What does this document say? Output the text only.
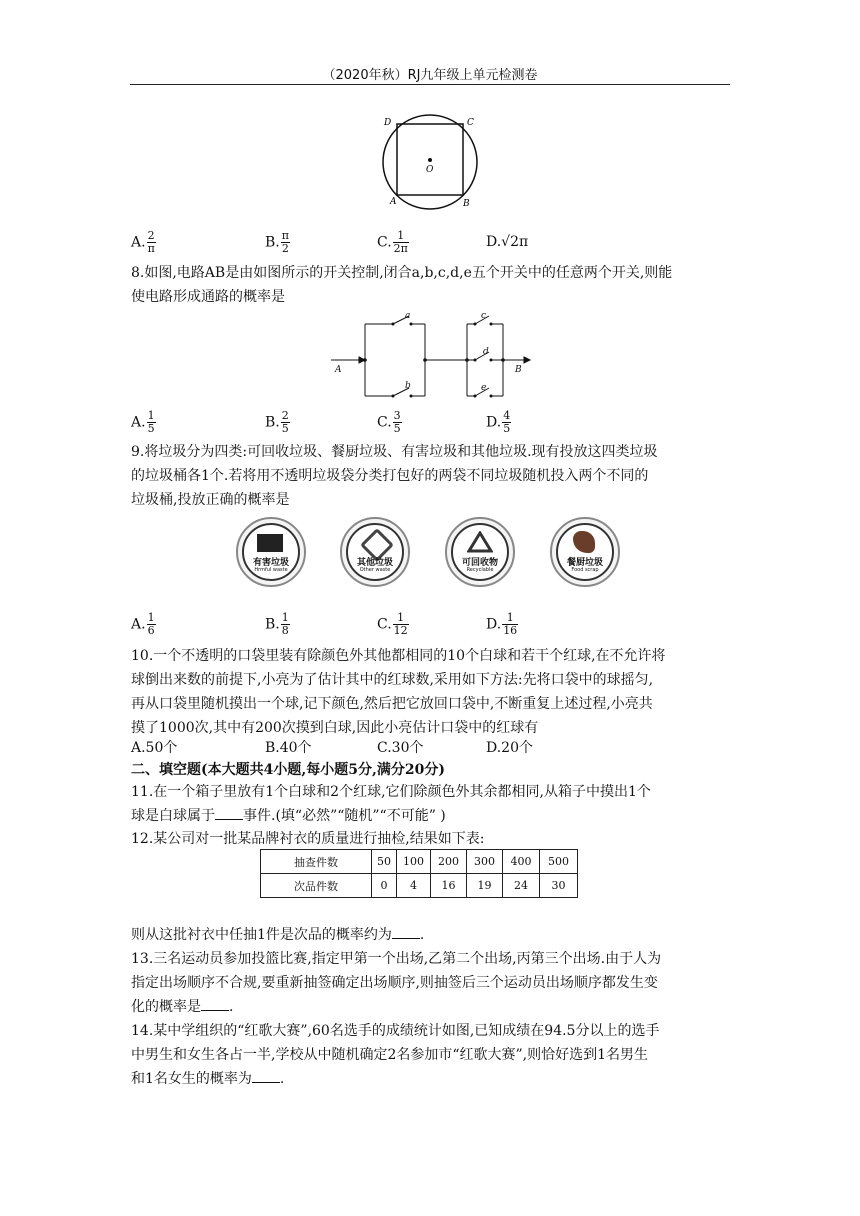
（2020年秋）RJ九年级上单元检测卷
D	C
A	B
O
A. $\frac{2}{\pi}$	B. $\frac{\pi}{2}$	C. $\frac{1}{2\pi}$	D.√2π
8.如图,电路AB是由如图所示的开关控制,闭合a,b,c,d,e五个开关中的任意两个开关,则能
使电路形成通路的概率是
A	B
a
b
c
d
e
A. $\frac{1}{5}$	B. $\frac{2}{5}$	C. $\frac{3}{5}$	D. $\frac{4}{5}$
9.将垃圾分为四类:可回收垃圾、餐厨垃圾、有害垃圾和其他垃圾.现有投放这四类垃圾
的垃圾桶各1个.若将用不透明垃圾袋分类打包好的两袋不同垃圾随机投入两个不同的
垃圾桶,投放正确的概率是
有害垃圾
Hrmful waste
其他垃圾
Other waste
可回收物
Recyclable
餐厨垃圾
Food scrap
A. $\frac{1}{6}$	B. $\frac{1}{8}$	C. $\frac{1}{12}$	D. $\frac{1}{16}$
10.一个不透明的口袋里装有除颜色外其他都相同的10个白球和若干个红球,在不允许将
球倒出来数的前提下,小亮为了估计其中的红球数,采用如下方法:先将口袋中的球摇匀,
再从口袋里随机摸出一个球,记下颜色,然后把它放回口袋中,不断重复上述过程,小亮共
摸了1000次,其中有200次摸到白球,因此小亮估计口袋中的红球有
A.50个	B.40个	C.30个	D.20个
二、填空题(本大题共4小题,每小题5分,满分20分)
11.在一个箱子里放有1个白球和2个红球,它们除颜色外其余都相同,从箱子中摸出1个
球是白球属于 事件.(填“必然”“随机”“不可能” )
12.某公司对一批某品牌衬衣的质量进行抽检,结果如下表:
抽查件数	50	100	200	300	400	500
次品件数	0	4	16	19	24	30
则从这批衬衣中任抽1件是次品的概率约为 .
13.三名运动员参加投篮比赛,指定甲第一个出场,乙第二个出场,丙第三个出场.由于人为
指定出场顺序不合规,要重新抽签确定出场顺序,则抽签后三个运动员出场顺序都发生变
化的概率是 .
14.某中学组织的“红歌大赛”,60名选手的成绩统计如图,已知成绩在94.5分以上的选手
中男生和女生各占一半,学校从中随机确定2名参加市“红歌大赛”,则恰好选到1名男生
和1名女生的概率为 .
